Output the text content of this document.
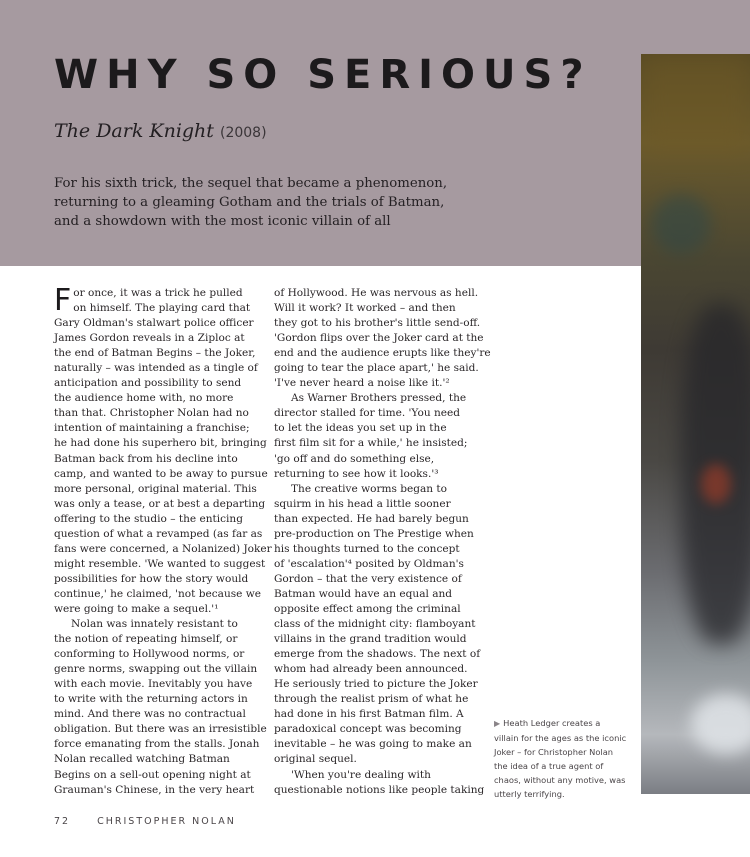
WHY SO SERIOUS?
The Dark Knight (2008)

For his sixth trick, the sequel that became a phenomenon, returning to a gleaming Gotham and the trials of Batman, and a showdown with the most iconic villain of all

F or once, it was a trick he pulled
on himself. The playing card that
Gary Oldman's stalwart police officer
James Gordon reveals in a Ziploc at
the end of Batman Begins – the Joker,
naturally – was intended as a tingle of
anticipation and possibility to send
the audience home with, no more
than that. Christopher Nolan had no
intention of maintaining a franchise;
he had done his superhero bit, bringing
Batman back from his decline into
camp, and wanted to be away to pursue
more personal, original material. This
was only a tease, or at best a departing
offering to the studio – the enticing
question of what a revamped (as far as
fans were concerned, a Nolanized) Joker
might resemble. 'We wanted to suggest
possibilities for how the story would
continue,' he claimed, 'not because we
were going to make a sequel.'¹
Nolan was innately resistant to
the notion of repeating himself, or
conforming to Hollywood norms, or
genre norms, swapping out the villain
with each movie. Inevitably you have
to write with the returning actors in
mind. And there was no contractual
obligation. But there was an irresistible
force emanating from the stalls. Jonah
Nolan recalled watching Batman
Begins on a sell-out opening night at
Grauman's Chinese, in the very heart
of Hollywood. He was nervous as hell.
Will it work? It worked – and then
they got to his brother's little send-off.
'Gordon flips over the Joker card at the
end and the audience erupts like they're
going to tear the place apart,' he said.
'I've never heard a noise like it.'²
As Warner Brothers pressed, the
director stalled for time. 'You need
to let the ideas you set up in the
first film sit for a while,' he insisted;
'go off and do something else,
returning to see how it looks.'³
The creative worms began to
squirm in his head a little sooner
than expected. He had barely begun
pre-production on The Prestige when
his thoughts turned to the concept
of 'escalation'⁴ posited by Oldman's
Gordon – that the very existence of
Batman would have an equal and
opposite effect among the criminal
class of the midnight city: flamboyant
villains in the grand tradition would
emerge from the shadows. The next of
whom had already been announced.
He seriously tried to picture the Joker
through the realist prism of what he
had done in his first Batman film. A
paradoxical concept was becoming
inevitable – he was going to make an
original sequel.
'When you're dealing with
questionable notions like people taking
▶ Heath Ledger creates a
villain for the ages as the iconic
Joker – for Christopher Nolan
the idea of a true agent of
chaos, without any motive, was
utterly terrifying.
72	CHRISTOPHER NOLAN
